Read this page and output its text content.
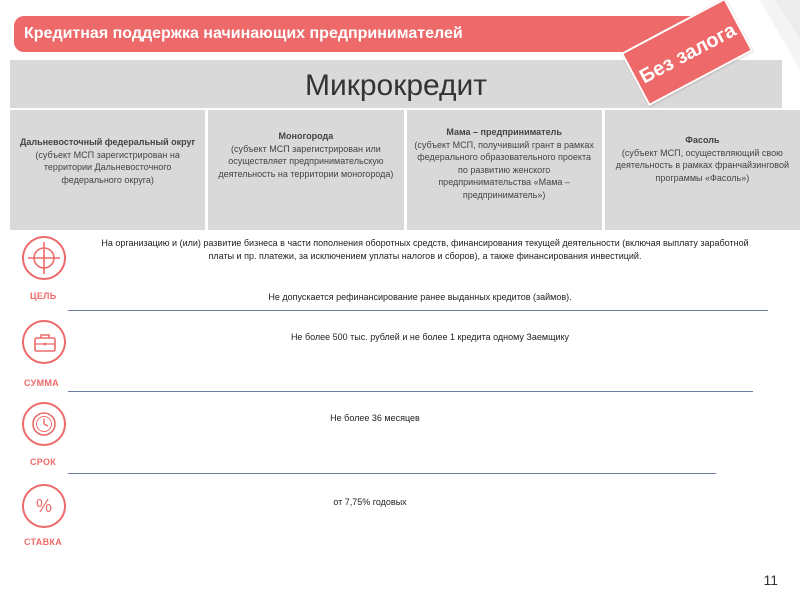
Кредитная поддержка начинающих предпринимателей
Микрокредит	Без залога
Дальневосточный федеральный округ
(субъект МСП зарегистрирован на территории Дальневосточного федерального округа)
Моногорода
(субъект МСП зарегистрирован или осуществляет предпринимательскую деятельность на территории моногорода)
Мама – предприниматель
(субъект МСП, получивший грант в рамках федерального образовательного проекта по развитию женского предпринимательства «Мама – предприниматель»)
Фасоль
(субъект МСП, осуществляющий свою деятельность в рамках франчайзинговой программы «Фасоль»)
ЦЕЛЬ
На организацию и (или) развитие бизнеса в части пополнения оборотных средств, финансирования текущей деятельности (включая выплату заработной платы и пр. платежи, за исключением уплаты налогов и сборов), а также финансирования инвестиций.
Не допускается рефинансирование ранее выданных кредитов (займов).
СУММА
Не более 500 тыс. рублей и не более 1 кредита одному Заемщику
СРОК
Не более 36 месяцев
%
СТАВКА
от 7,75% годовых
11
